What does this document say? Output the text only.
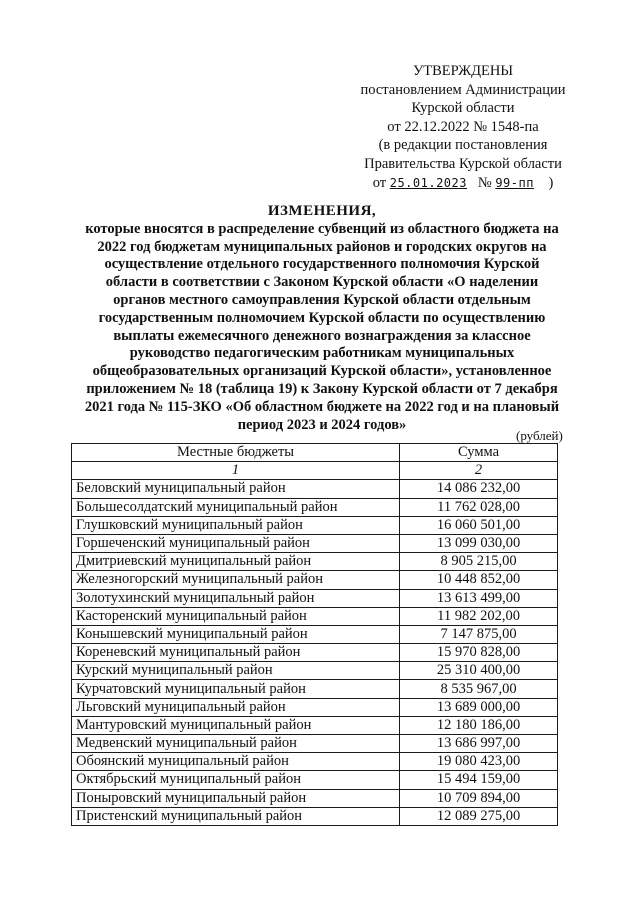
УТВЕРЖДЕНЫ
постановлением Администрации
Курской области
от 22.12.2022 № 1548-па
(в редакции постановления
Правительства Курской области
от 25.01.2023 № 99-пп )
ИЗМЕНЕНИЯ,
которые вносятся в распределение субвенций из областного бюджета на
2022 год бюджетам муниципальных районов и городских округов на
осуществление отдельного государственного полномочия Курской
области в соответствии с Законом Курской области «О наделении
органов местного самоуправления Курской области отдельным
государственным полномочием Курской области по осуществлению
выплаты ежемесячного денежного вознаграждения за классное
руководство педагогическим работникам муниципальных
общеобразовательных организаций Курской области», установленное
приложением № 18 (таблица 19) к Закону Курской области от 7 декабря
2021 года № 115-ЗКО «Об областном бюджете на 2022 год и на плановый
период 2023 и 2024 годов»
(рублей)
Местные бюджеты	Сумма
1	2
Беловский муниципальный район	14 086 232,00
Большесолдатский муниципальный район	11 762 028,00
Глушковский муниципальный район	16 060 501,00
Горшеченский муниципальный район	13 099 030,00
Дмитриевский муниципальный район	8 905 215,00
Железногорский муниципальный район	10 448 852,00
Золотухинский муниципальный район	13 613 499,00
Касторенский муниципальный район	11 982 202,00
Конышевский муниципальный район	7 147 875,00
Кореневский муниципальный район	15 970 828,00
Курский муниципальный район	25 310 400,00
Курчатовский муниципальный район	8 535 967,00
Льговский муниципальный район	13 689 000,00
Мантуровский муниципальный район	12 180 186,00
Медвенский муниципальный район	13 686 997,00
Обоянский муниципальный район	19 080 423,00
Октябрьский муниципальный район	15 494 159,00
Поныровский муниципальный район	10 709 894,00
Пристенский муниципальный район	12 089 275,00
